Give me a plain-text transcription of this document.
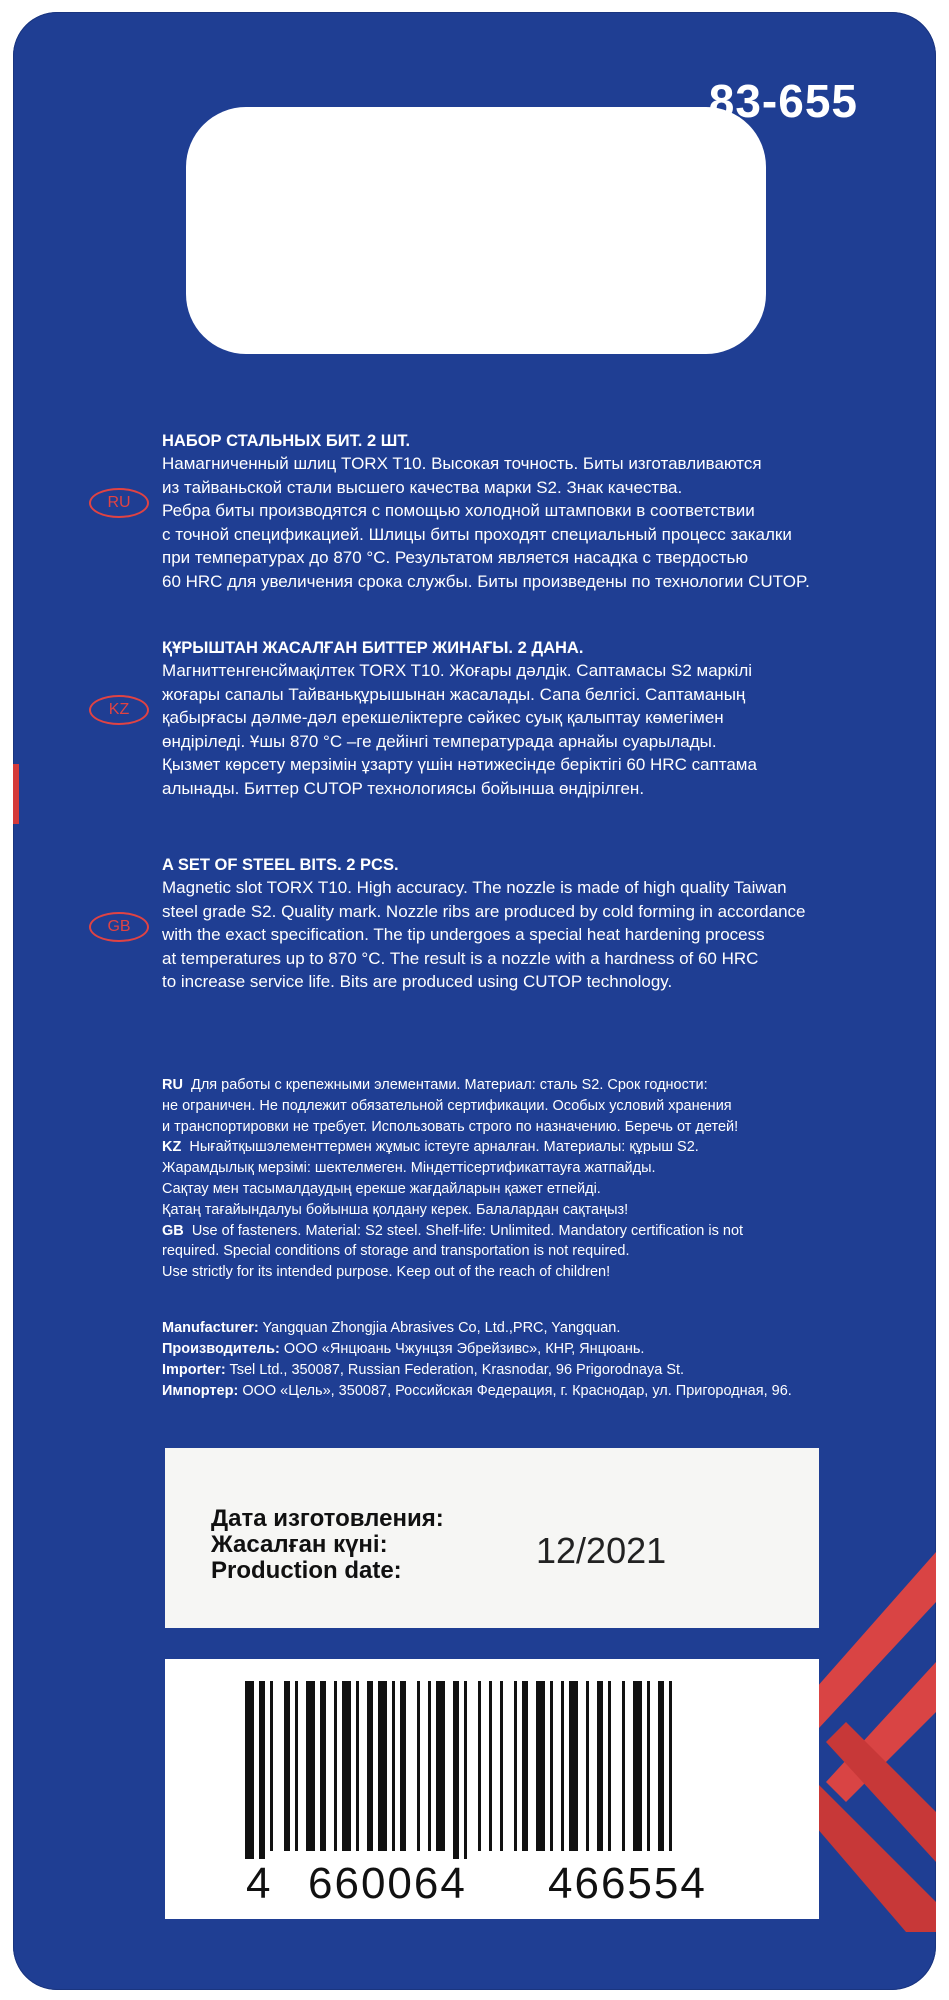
83-655
RU
НАБОР СТАЛЬНЫХ БИТ. 2 ШТ.
Намагниченный шлиц TORX T10. Высокая точность. Биты изготавливаются
из тайваньской стали высшего качества марки S2. Знак качества.
Ребра биты производятся с помощью холодной штамповки в соответствии
с точной спецификацией. Шлицы биты проходят специальный процесс закалки
при температурах до 870 °С. Результатом является насадка с твердостью
60 HRC для увеличения срока службы. Биты произведены по технологии CUTOP.
KZ
ҚҰРЫШТАН ЖАСАЛҒАН БИТТЕР ЖИНАҒЫ. 2 ДАНА.
Магниттенгенсймақілтек TORX T10. Жоғары дәлдік. Саптамасы S2 маркілі
жоғары сапалы Тайваньқұрышынан жасалады. Сапа белгісі. Саптаманың
қабырғасы дәлме-дәл ерекшеліктерге сәйкес суық қалыптау көмегімен
өндіріледі. Ұшы 870 °С –ге дейінгі температурада арнайы суарылады.
Қызмет көрсету мерзімін ұзарту үшін нәтижесінде беріктігі 60 HRC саптама
алынады. Биттер CUTOP технологиясы бойынша өндірілген.
GB
A SET OF STEEL BITS. 2 PCS.
Magnetic slot TORX T10. High accuracy. The nozzle is made of high quality Taiwan
steel grade S2. Quality mark. Nozzle ribs are produced by cold forming in accordance
with the exact specification. The tip undergoes a special heat hardening process
at temperatures up to 870 °С. The result is a nozzle with a hardness of 60 HRC
to increase service life. Bits are produced using CUTOP technology.
RU Для работы с крепежными элементами. Материал: сталь S2. Срок годности:
не ограничен. Не подлежит обязательной сертификации. Особых условий хранения
и транспортировки не требует. Использовать строго по назначению. Беречь от детей!
KZ Нығайтқышэлементтермен жұмыс істеуге арналған. Материалы: құрыш S2.
Жарамдылық мерзімі: шектелмеген. Міндеттісертификаттауға жатпайды.
Сақтау мен тасымалдаудың ерекше жағдайларын қажет етпейді.
Қатаң тағайындалуы бойынша қолдану керек. Балалардан сақтаңыз!
GB Use of fasteners. Material: S2 steel. Shelf-life: Unlimited. Mandatory certification is not
required. Special conditions of storage and transportation is not required.
Use strictly for its intended purpose. Keep out of the reach of children!
Manufacturer: Yangquan Zhongjia Abrasives Co, Ltd.,PRC, Yangquan.
Производитель: ООО «Янцюань Чжунцзя Эбрейзивс», КНР, Янцюань.
Importer: Tsel Ltd., 350087, Russian Federation, Krasnodar, 96 Prigorodnaya St.
Импортер: ООО «Цель», 350087, Российская Федерация, г. Краснодар, ул. Пригородная, 96.
Дата изготовления:
Жасалған күні:
Production date:	12/2021
4 660064	466554
